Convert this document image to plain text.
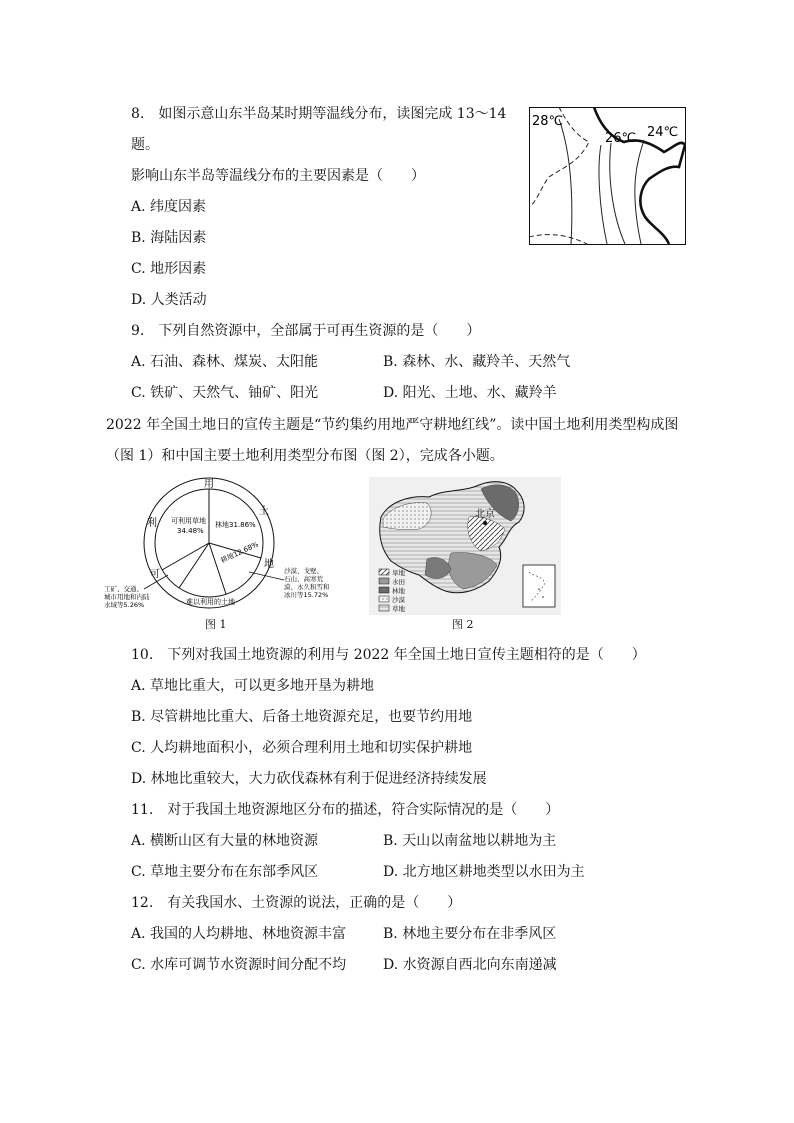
8.　如图示意山东半岛某时期等温线分布，读图完成 13～14
题。
影响山东半岛等温线分布的主要因素是（　　）
A. 纬度因素
B. 海陆因素
C. 地形因素
D. 人类活动
28℃
26℃ 24℃
9.　下列自然资源中，全部属于可再生资源的是（　　）
A. 石油、森林、煤炭、太阳能	B. 森林、水、藏羚羊、天然气
C. 铁矿、天然气、铀矿、阳光	D. 阳光、土地、水、藏羚羊
2022 年全国土地日的宣传主题是“节约集约用地严守耕地红线”。读中国土地利用类型构成图
（图 1）和中国主要土地利用类型分布图（图 2），完成各小题。
用
土
地
可
利 可利用草地
34.48%
林地31.86%
耕地12.68%
难以利用的土地
沙漠、戈壁、
石山、高寒荒
漠、永久积雪和
冰川等15.72%
工矿、交通、
城市用地和内陆
水域等5.26%
图 1
北京
旱地
水田
林地
沙漠
草地
图 2
10.　下列对我国土地资源的利用与 2022 年全国土地日宣传主题相符的是（　　）
A. 草地比重大，可以更多地开垦为耕地
B. 尽管耕地比重大、后备土地资源充足，也要节约用地
C. 人均耕地面积小，必须合理利用土地和切实保护耕地
D. 林地比重较大，大力砍伐森林有利于促进经济持续发展
11.　对于我国土地资源地区分布的描述，符合实际情况的是（　　）
A. 横断山区有大量的林地资源	B. 天山以南盆地以耕地为主
C. 草地主要分布在东部季风区	D. 北方地区耕地类型以水田为主
12.　有关我国水、土资源的说法，正确的是（　　）
A. 我国的人均耕地、林地资源丰富	B. 林地主要分布在非季风区
C. 水库可调节水资源时间分配不均	D. 水资源自西北向东南递减
